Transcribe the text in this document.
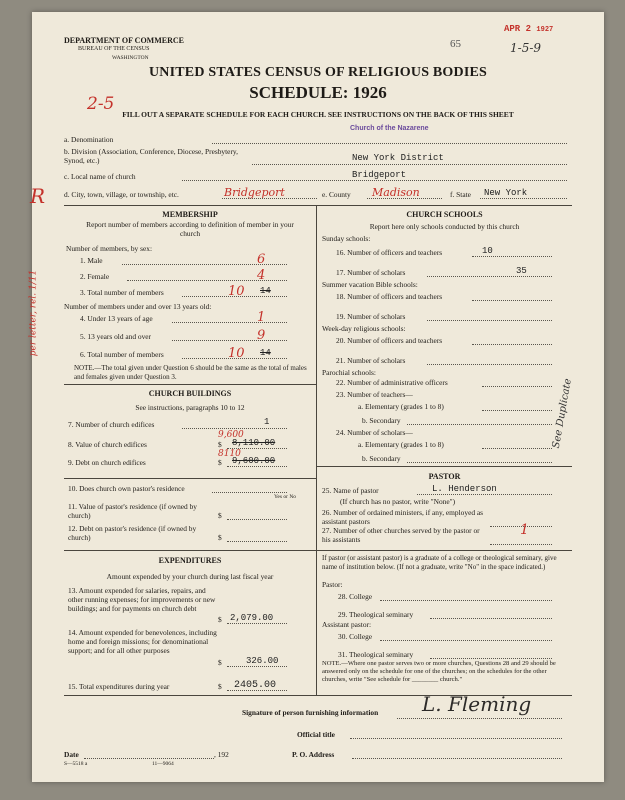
DEPARTMENT OF COMMERCE
BUREAU OF THE CENSUS
WASHINGTON
65
APR 2 1927
1-5-9
UNITED STATES CENSUS OF RELIGIOUS BODIES
SCHEDULE: 1926
2-5
FILL OUT A SEPARATE SCHEDULE FOR EACH CHURCH. SEE INSTRUCTIONS ON THE BACK OF THIS SHEET
Church of the Nazarene
a. Denomination
b. Division (Association, Conference, Diocese, Presbytery, Synod, etc.)	New York District
c. Local name of church	Bridgeport
R	d. City, town, village, or township, etc.	Bridgeport	e. County Madison	f. State New York
MEMBERSHIP
Report number of members according to definition of member in your church
Number of members, by sex:
1. Male	6
2. Female	4
3. Total number of members	10 14
Number of members under and over 13 years old:
4. Under 13 years of age	1
5. 13 years old and over	9
6. Total number of members	10 14
NOTE.—The total given under Question 6 should be the same as the total of males and females given under Question 3.
per letter, rel. 1/11
CHURCH BUILDINGS
See instructions, paragraphs 10 to 12
7. Number of church edifices	1
9,600
8. Value of church edifices	$ 8,110.00
8110
9. Debt on church edifices	$ 9,600.00
10. Does church own pastor's residence
Yes or No
11. Value of pastor's residence (if owned by church)	$
12. Debt on pastor's residence (if owned by church)	$
EXPENDITURES
Amount expended by your church during last fiscal year
13. Amount expended for salaries, repairs, and other running expenses; for improvements or new buildings; and for payments on church debt
$ 2,079.00
14. Amount expended for benevolences, including home and foreign missions; for denominational support; and for all other purposes
$	326.00
15. Total expenditures during year	$ 2405.00
CHURCH SCHOOLS
Report here only schools conducted by this church
Sunday schools:
16. Number of officers and teachers	10
17. Number of scholars	35
Summer vacation Bible schools:
18. Number of officers and teachers
19. Number of scholars
Week-day religious schools:
20. Number of officers and teachers
21. Number of scholars
Parochial schools:
22. Number of administrative officers
23. Number of teachers—
a. Elementary (grades 1 to 8)
b. Secondary
24. Number of scholars—
a. Elementary (grades 1 to 8)
b. Secondary
See Duplicate
PASTOR
25. Name of pastor	L. Henderson
(If church has no pastor, write "None")
26. Number of ordained ministers, if any, employed as assistant pastors
27. Number of other churches served by the pastor or his assistants
1
If pastor (or assistant pastor) is a graduate of a college or theological seminary, give name of institution below. (If not a graduate, write "No" in the space indicated.)
Pastor:
28. College
29. Theological seminary
Assistant pastor:
30. College
31. Theological seminary
NOTE.—Where one pastor serves two or more churches, Questions 28 and 29 should be answered only on the schedule for one of the churches; on the schedules for the other churches, write "See schedule for ________ church."
Signature of person furnishing information L. Fleming
Official title
Date	, 192	P. O. Address
S—5518 a	11—9064
